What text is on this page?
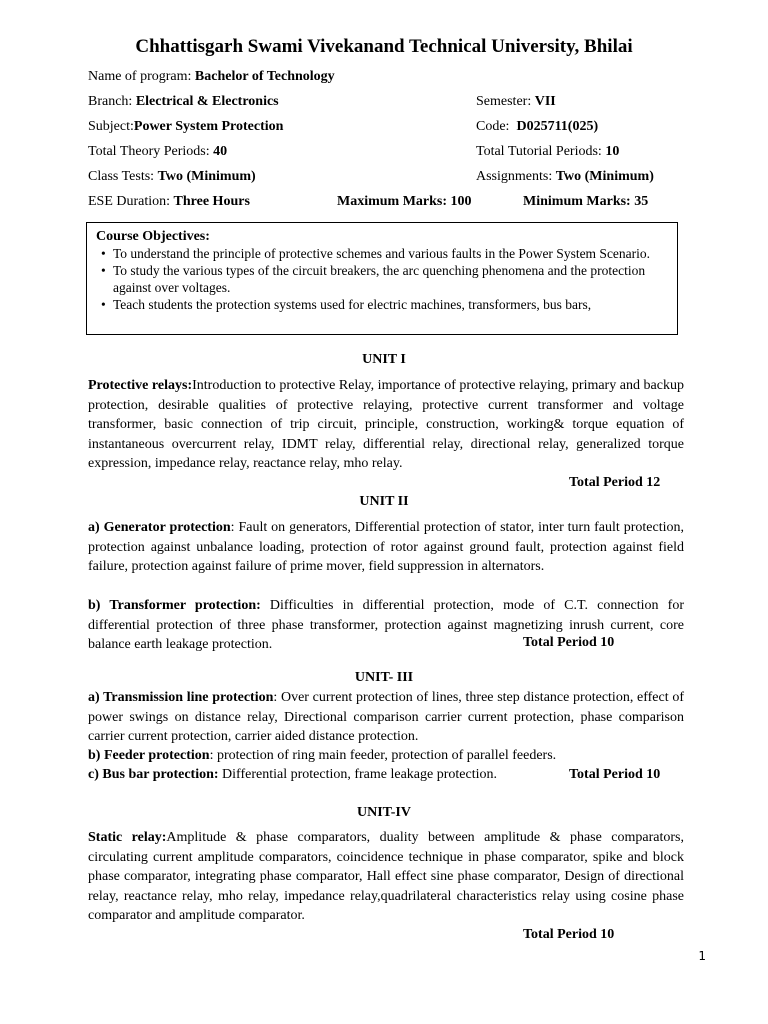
Chhattisgarh Swami Vivekanand Technical University, Bhilai
Name of program: Bachelor of Technology
Branch: Electrical & Electronics	Semester: VII
Subject:Power System Protection	Code:  D025711(025)
Total Theory Periods: 40	Total Tutorial Periods: 10
Class Tests: Two (Minimum)	Assignments: Two (Minimum)
ESE Duration: Three Hours	Maximum Marks: 100	Minimum Marks: 35
Course Objectives:
• To understand the principle of protective schemes and various faults in the Power System Scenario.
• To study the various types of the circuit breakers, the arc quenching phenomena and the protection against over voltages.
• Teach students the protection systems used for electric machines, transformers, bus bars,
UNIT I
Protective relays:Introduction to protective Relay, importance of protective relaying, primary and backup protection, desirable qualities of protective relaying, protective current transformer and voltage transformer, basic connection of trip circuit, principle, construction, working& torque equation of instantaneous overcurrent relay, IDMT relay, differential relay, directional relay, generalized torque expression, impedance relay, reactance relay, mho relay.
Total Period 12
UNIT II
a) Generator protection: Fault on generators, Differential protection of stator, inter turn fault protection, protection against unbalance loading, protection of rotor against ground fault, protection against field failure, protection against failure of prime mover, field suppression in alternators.
b) Transformer protection: Difficulties in differential protection, mode of C.T. connection for differential protection of three phase transformer, protection against magnetizing inrush current, core balance earth leakage protection.	Total Period 10
UNIT- III
a) Transmission line protection: Over current protection of lines, three step distance protection, effect of power swings on distance relay, Directional comparison carrier current protection, phase comparison carrier current protection, carrier aided distance protection.
b) Feeder protection: protection of ring main feeder, protection of parallel feeders.
c) Bus bar protection: Differential protection, frame leakage protection.	Total Period 10
UNIT-IV
Static relay:Amplitude & phase comparators, duality between amplitude & phase comparators, circulating current amplitude comparators, coincidence technique in phase comparator, spike and block phase comparator, integrating phase comparator, Hall effect sine phase comparator, Design of directional relay, reactance relay, mho relay, impedance relay,quadrilateral characteristics relay using cosine phase comparator and amplitude comparator.
Total Period 10
1
